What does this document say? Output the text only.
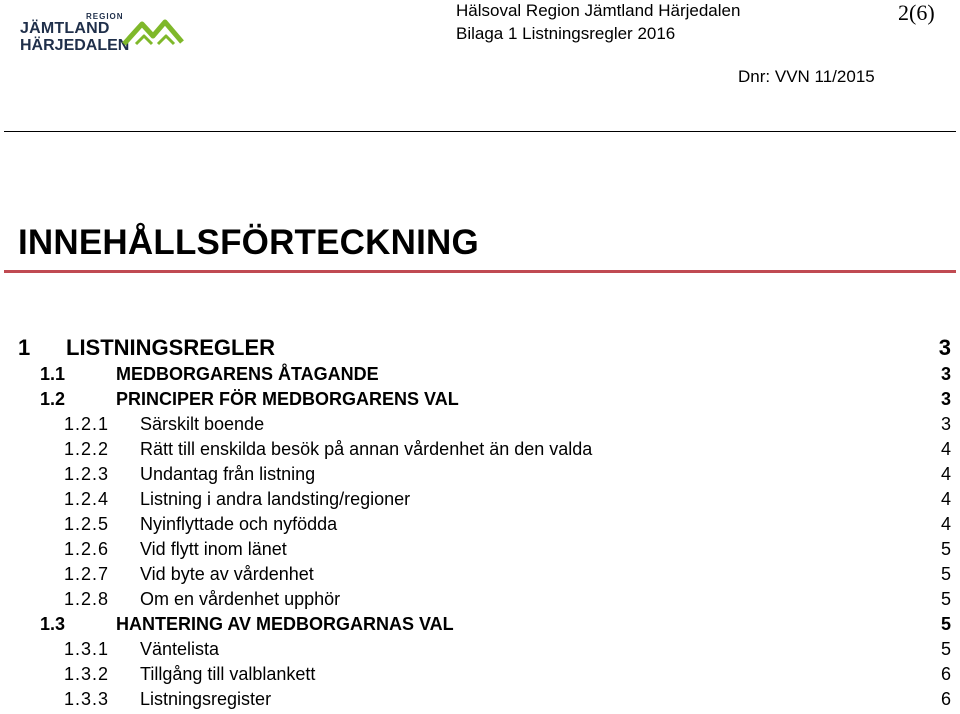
REGION
JÄMTLAND
HÄRJEDALEN
Hälsoval Region Jämtland Härjedalen
Bilaga 1 Listningsregler 2016
2(6)
Dnr: VVN 11/2015
INNEHÅLLSFÖRTECKNING
1 LISTNINGSREGLER	3
1.1	MEDBORGARENS ÅTAGANDE	3
1.2	PRINCIPER FÖR MEDBORGARENS VAL	3
1.2.1 Särskilt boende	3
1.2.2 Rätt till enskilda besök på annan vårdenhet än den valda	4
1.2.3 Undantag från listning	4
1.2.4 Listning i andra landsting/regioner	4
1.2.5 Nyinflyttade och nyfödda	4
1.2.6 Vid flytt inom länet	5
1.2.7 Vid byte av vårdenhet	5
1.2.8 Om en vårdenhet upphör	5
1.3	HANTERING AV MEDBORGARNAS VAL	5
1.3.1 Väntelista	5
1.3.2 Tillgång till valblankett	6
1.3.3 Listningsregister	6
